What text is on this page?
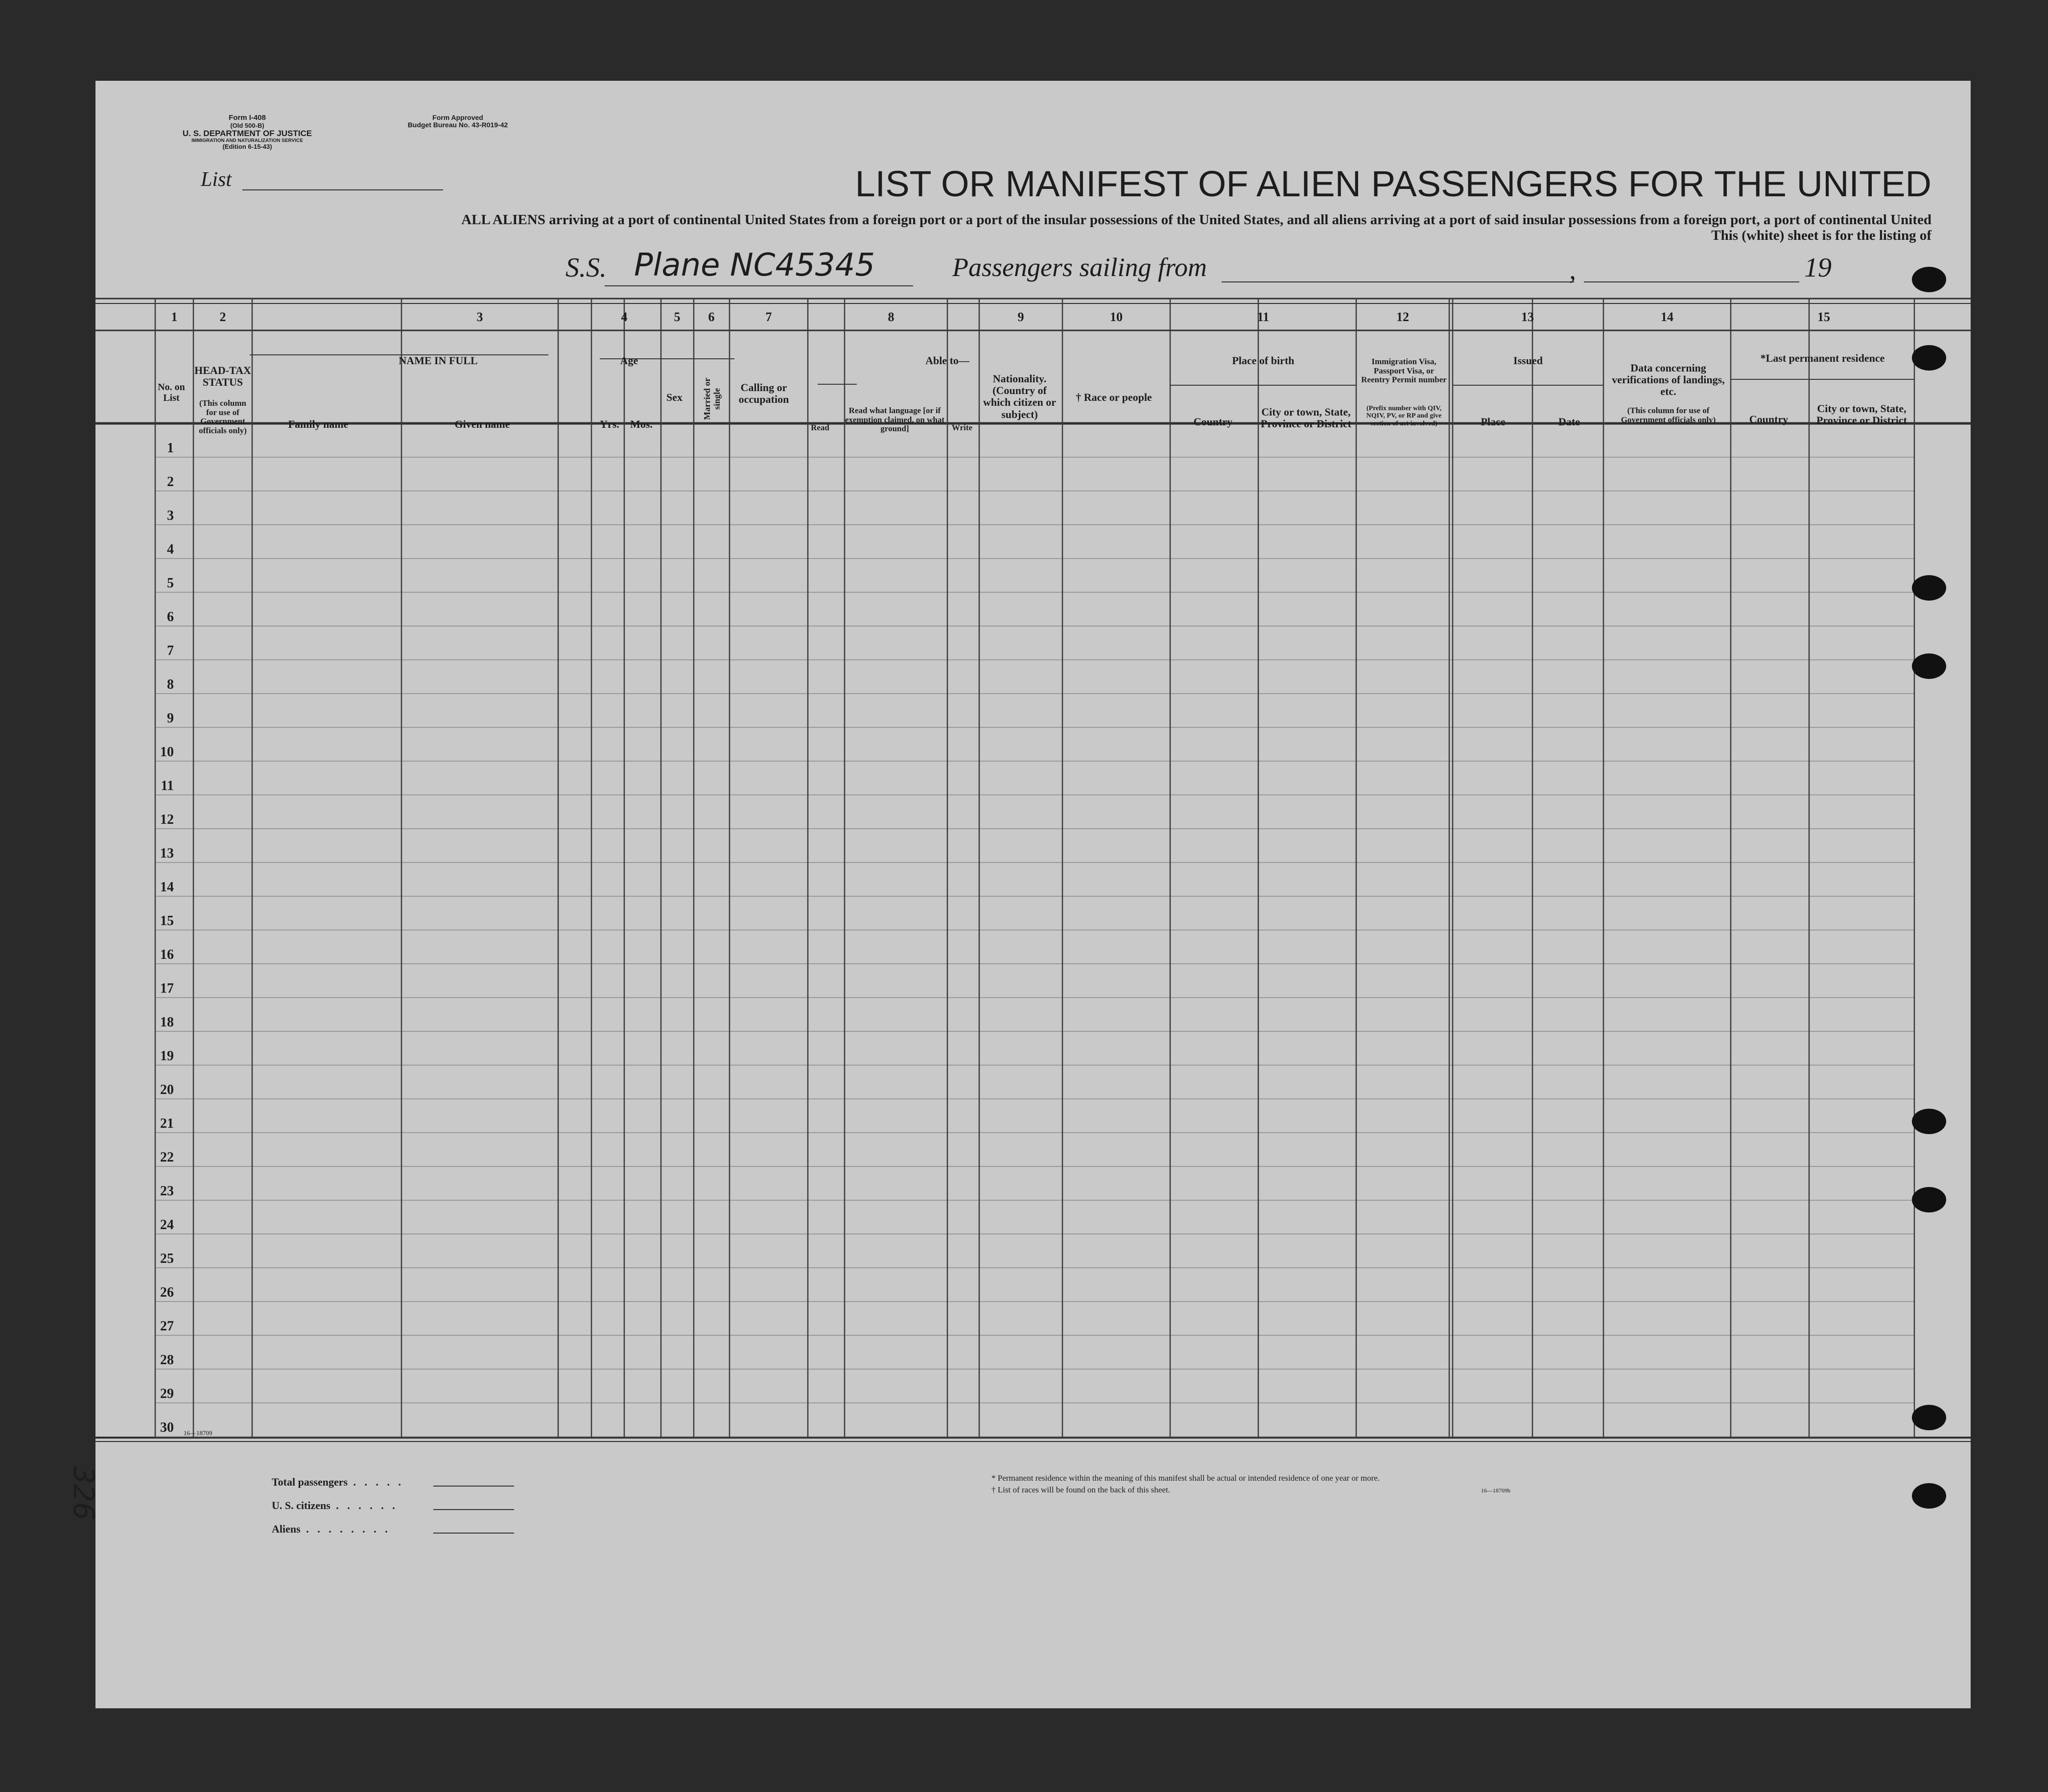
Form I-408
(Old 500-B)
U. S. DEPARTMENT OF JUSTICE
IMMIGRATION AND NATURALIZATION SERVICE
(Edition 6-15-43)
Form Approved
Budget Bureau No. 43-R019-42
List	LIST OR MANIFEST OF ALIEN PASSENGERS FOR THE UNITED
ALL ALIENS arriving at a port of continental United States from a foreign port or a port of the insular possessions of the United States, and all aliens arriving at a port of said insular possessions from a foreign port, a port of continental United
This (white) sheet is for the listing of
S.S. Plane NC45345	Passengers sailing from	,	19
1	2	3	4	5	6	7	8	9	10	11	12	13	14	15
No. on List
HEAD-TAX STATUS
(This column for use of Government officials only)
NAME IN FULL
Family name	Given name
Age
Yrs.	Mos.
Sex	Married or single
Calling or occupation
Able to—
Read
Read what language [or if exemption claimed, on what ground]	Write
Nationality. (Country of which citizen or subject)
† Race or people
Place of birth
Country
City or town, State, Province or District
Immigration Visa, Passport Visa, or Reentry Permit number
(Prefix number with QIV, NQIV, PV, or RP and give section of act involved)
Issued
Place	Date
Data concerning verifications of landings, etc.
(This column for use of Government officials only)
*Last permanent residence
Country
City or town, State, Province or District
1
2
3
4
5
6
7
8
9
10
11
12
13
14
15
16
17
18
19
20
21
22
23
24
25
26
27
28
29
30 16—18709
Total passengers . . . . .
U. S. citizens . . . . . .
Aliens . . . . . . . .
* Permanent residence within the meaning of this manifest shall be actual or intended residence of one year or more.
† List of races will be found on the back of this sheet.	16—18709b
326
